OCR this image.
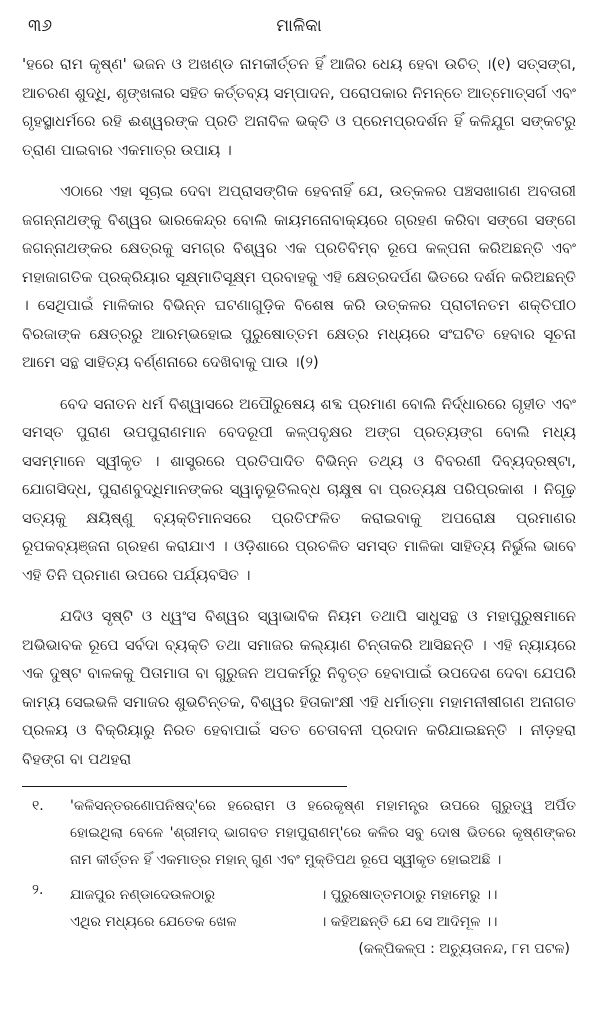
୩୬	ମାଳିକା

'ହରେ ରାମ କୃଷ୍ଣ' ଭଜନ ଓ ଅଖଣ୍ଡ ନାମକୀର୍ତ୍ତନ ହିଁ ଆଜିର ଧେୟ ହେବା ଉଚିତ୍ ।(୧) ସତ୍‌ସଙ୍ଗ, ଆଚରଣ ଶୁଦ୍ଧି, ଶୃଙ୍ଖଳାର ସହିତ କର୍ତ୍ତବ୍ୟ ସମ୍ପାଦନ, ପରୋପକାର ନିମନ୍ତେ ଆତ୍ମୋତ୍ସର୍ଗ ଏବଂ ଗୃହସ୍ଥାଧର୍ମରେ ରହି ଈଶ୍ୱରଙ୍କ ପ୍ରତି ଅନାବିଳ ଭକ୍ତି ଓ ପ୍ରେମପ୍ରଦର୍ଶନ ହିଁ କଳିଯୁଗ ସଙ୍କଟରୁ ତ୍ରାଣ ପାଇବାର ଏକମାତ୍ର ଉପାୟ ।

ଏଠାରେ ଏହା ସୂଚାଇ ଦେବା ଅପ୍ରାସଙ୍ଗିକ ହେବନାହିଁ ଯେ, ଉତ୍କଳର ପଞ୍ଚସଖାଗଣ ଅବତାରୀ ଜଗନ୍ନାଥଙ୍କୁ ବିଶ୍ୱର ଭାରକେନ୍ଦ୍ର ବୋଲି କାୟମନୋବାକ୍ୟରେ ଗ୍ରହଣ କରିବା ସଙ୍ଗେ ସଙ୍ଗେ ଜଗନ୍ନାଥଙ୍କର କ୍ଷେତ୍ରକୁ ସମଗ୍ର ବିଶ୍ୱର ଏକ ପ୍ରତିବିମ୍ବ ରୂପେ କଳ୍ପନା କରିଅଛନ୍ତି ଏବଂ ମହାଜାଗତିକ ପ୍ରକ୍ରିୟାର ସୂକ୍ଷ୍ମାତିସୂକ୍ଷ୍ମ ପ୍ରବାହକୁ ଏହି କ୍ଷେତ୍ରଦର୍ପଣ ଭିତରେ ଦର୍ଶନ କରିଅଛନ୍ତି । ସେଥିପାଇଁ ମାଳିକାର ବିଭିନ୍ନ ଘଟଣାଗୁଡ଼ିକ ବିଶେଷ କରି ଉତ୍କଳର ପ୍ରାଚୀନତମ ଶକ୍ତିପୀଠ ବିରଜାଙ୍କ କ୍ଷେତ୍ରରୁ ଆରମ୍ଭହୋଇ ପୁରୁଷୋତ୍ତମ କ୍ଷେତ୍ର ମଧ୍ୟରେ ସଂଘଟିତ ହେବାର ସୂଚନା ଆମେ ସନ୍ଥ ସାହିତ୍ୟ ବର୍ଣ୍ଣନାରେ ଦେଖିବାକୁ ପାଉ ।(୨)

ବେଦ ସନାତନ ଧର୍ମ ବିଶ୍ୱାସରେ ଅପୌରୁଷେୟ ଶବ୍ଦ ପ୍ରମାଣ ବୋଲି ନିର୍ଦ୍ଧାରରେ ଗୃହୀତ ଏବଂ ସମସ୍ତ ପୁରାଣ ଉପପୁରାଣମାନ ବେଦରୂପୀ କଳ୍ପବୃକ୍ଷର ଅଙ୍ଗ ପ୍ରତ୍ୟଙ୍ଗ ବୋଲି ମଧ୍ୟ ସସମ୍ମାନେ ସ୍ୱୀକୃତ । ଶାସ୍ତ୍ରରେ ପ୍ରତିପାଦିତ ବିଭିନ୍ନ ତଥ୍ୟ ଓ ବିବରଣୀ ଦିବ୍ୟଦ୍ରଷ୍ଟା, ଯୋଗସିଦ୍ଧ, ପୁରାଣବୁଦ୍ଧିମାନଙ୍କର ସ୍ୱାନୁଭୂତିଲବ୍ଧ ଚାକ୍ଷୁଷ ବା ପ୍ରତ୍ୟକ୍ଷ ପରିପ୍ରକାଶ । ନିଗୂଢ଼ ସତ୍ୟକୁ କ୍ଷୟିଷ୍ଣୁ ବ୍ୟକ୍ତିମାନସରେ ପ୍ରତିଫଳିତ କରାଇବାକୁ ଅପରୋକ୍ଷ ପ୍ରମାଣର ରୂପକବ୍ୟଞ୍ଜନା ଗ୍ରହଣ କରାଯାଏ । ଓଡ଼ିଶାରେ ପ୍ରଚଳିତ ସମସ୍ତ ମାଳିକା ସାହିତ୍ୟ ନିର୍ଭୁଲ ଭାବେ ଏହି ତିନି ପ୍ରମାଣ ଉପରେ ପର୍ଯ୍ୟବସିତ ।

ଯଦିଓ ସୃଷ୍ଟି ଓ ଧ୍ୱଂସ ବିଶ୍ୱର ସ୍ୱାଭାବିକ ନିୟମ ତଥାପି ସାଧୁସନ୍ଥ ଓ ମହାପୁରୁଷମାନେ ଅଭିଭାବକ ରୂପେ ସର୍ବଦା ବ୍ୟକ୍ତି ତଥା ସମାଜର କଲ୍ୟାଣ ଚିନ୍ତାକରି ଆସିଛନ୍ତି । ଏହି ନ୍ୟାୟରେ ଏକ ଦୁଷ୍ଟ ବାଳକକୁ ପିତାମାତା ବା ଗୁରୁଜନ ଅପକର୍ମରୁ ନିବୃତ୍ତ ହେବାପାଇଁ ଉପଦେଶ ଦେବା ଯେପରି କାମ୍ୟ ସେଇଭଳି ସମାଜର ଶୁଭଚିନ୍ତକ, ବିଶ୍ୱର ହିତାକାଂକ୍ଷୀ ଏହି ଧର୍ମାତ୍ମା ମହାମନୀଷୀଗଣ ଅନାଗତ ପ୍ରଳୟ ଓ ବିକ୍ରିୟାରୁ ନିରତ ହେବାପାଇଁ ସତତ ଚେତାବନୀ ପ୍ରଦାନ କରିଯାଇଛନ୍ତି । ନୀଡ଼ହରା ବିହଙ୍ଗ ବା ପଥହରା

୧. 'କଳିସନ୍ତରଣୋପନିଷଦ୍'ରେ ହରେରାମ ଓ ହରେକୃଷ୍ଣ ମହାମନ୍ତ୍ର ଉପରେ ଗୁରୁତ୍ୱ ଅର୍ପିତ ହୋଇଥିଲା ବେଳେ 'ଶ୍ରୀମଦ୍ ଭାଗବତ ମହାପୁରାଣମ୍'ରେ କଳିର ସବୁ ଦୋଷ ଭିତରେ କୃଷ୍ଣଙ୍କର ନାମ କୀର୍ତ୍ତନ ହିଁ ଏକମାତ୍ର ମହାନ୍ ଗୁଣ ଏବଂ ମୁକ୍ତିପଥ ରୂପେ ସ୍ୱୀକୃତ ହୋଇଅଛି ।
୨. ଯାଜପୁର ନଣ୍ଡାଦେଉଳଠାରୁ	। ପୁରୁଷୋତ୍ତମଠାରୁ ମହାମେରୁ ।।
ଏଥିର ମଧ୍ୟରେ ଯେତେକ ଖେଳ	। କହିଅଛନ୍ତି ଯେ ସେ ଆଦିମୂଳ ।।
(କଳ୍ପିକଳ୍ପ : ଅଚ୍ୟୁତାନନ୍ଦ, ୮ମ ପଟଳ)
